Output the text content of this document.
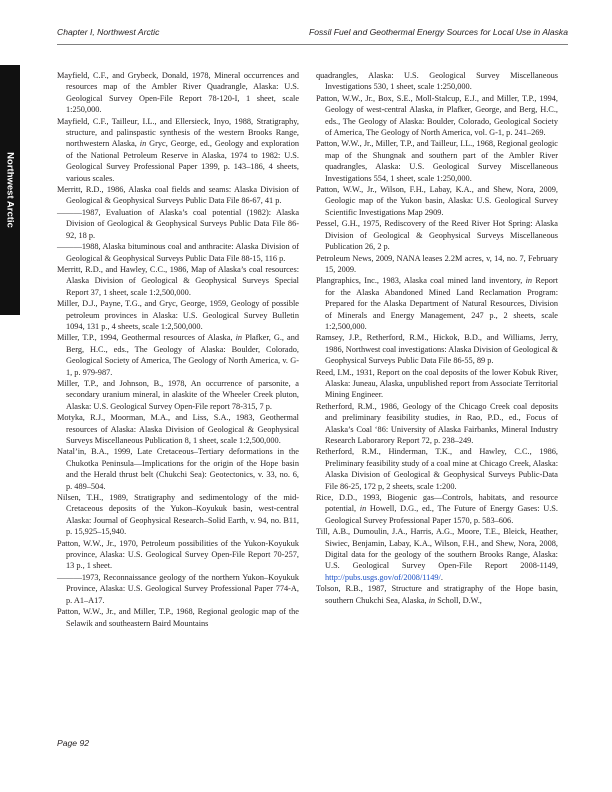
Chapter I, Northwest Arctic	Fossil Fuel and Geothermal Energy Sources for Local Use in Alaska
Northwest Arctic

Mayfield, C.F., and Grybeck, Donald, 1978, Mineral occurrences and resources map of the Ambler River Quadrangle, Alaska: U.S. Geological Survey Open-File Report 78-120-I, 1 sheet, scale 1:250,000.

Mayfield, C.F., Tailleur, I.L., and Ellersieck, Inyo, 1988, Stratigraphy, structure, and palinspastic synthesis of the western Brooks Range, northwestern Alaska, in Gryc, George, ed., Geology and exploration of the National Petroleum Reserve in Alaska, 1974 to 1982: U.S. Geological Survey Professional Paper 1399, p. 143–186, 4 sheets, various scales.

Merritt, R.D., 1986, Alaska coal fields and seams: Alaska Division of Geological & Geophysical Surveys Public Data File 86-67, 41 p.

———1987, Evaluation of Alaska’s coal potential (1982): Alaska Division of Geological & Geophysical Surveys Public Data File 86-92, 18 p.

———1988, Alaska bituminous coal and anthracite: Alaska Division of Geological & Geophysical Surveys Public Data File 88-15, 116 p.

Merritt, R.D., and Hawley, C.C., 1986, Map of Alaska’s coal resources: Alaska Division of Geological & Geophysical Surveys Special Report 37, 1 sheet, scale 1:2,500,000.

Miller, D.J., Payne, T.G., and Gryc, George, 1959, Geology of possible petroleum provinces in Alaska: U.S. Geological Survey Bulletin 1094, 131 p., 4 sheets, scale 1:2,500,000.

Miller, T.P., 1994, Geothermal resources of Alaska, in Plafker, G., and Berg, H.C., eds., The Geology of Alaska: Boulder, Colorado, Geological Society of America, The Geology of North America, v. G-1, p. 979-987.

Miller, T.P., and Johnson, B., 1978, An occurrence of parsonite, a secondary uranium mineral, in alaskite of the Wheeler Creek pluton, Alaska: U.S. Geological Survey Open-File report 78-315, 7 p.

Motyka, R.J., Moorman, M.A., and Liss, S.A., 1983, Geothermal resources of Alaska: Alaska Division of Geological & Geophysical Surveys Miscellaneous Publication 8, 1 sheet, scale 1:2,500,000.

Natal’in, B.A., 1999, Late Cretaceous–Tertiary deformations in the Chukotka Peninsula—Implications for the origin of the Hope basin and the Herald thrust belt (Chukchi Sea): Geotectonics, v. 33, no. 6, p. 489–504.

Nilsen, T.H., 1989, Stratigraphy and sedimentology of the mid-Cretaceous deposits of the Yukon–Koyukuk basin, west-central Alaska: Journal of Geophysical Research–Solid Earth, v. 94, no. B11, p. 15,925–15,940.

Patton, W.W., Jr., 1970, Petroleum possibilities of the Yukon-Koyukuk province, Alaska: U.S. Geological Survey Open-File Report 70-257, 13 p., 1 sheet.

———1973, Reconnaissance geology of the northern Yukon–Koyukuk Province, Alaska: U.S. Geological Survey Professional Paper 774-A, p. A1–A17.

Patton, W.W., Jr., and Miller, T.P., 1968, Regional geologic map of the Selawik and southeastern Baird Mountains

quadrangles, Alaska: U.S. Geological Survey Miscellaneous Investigations 530, 1 sheet, scale 1:250,000.

Patton, W.W., Jr., Box, S.E., Moll-Stalcup, E.J., and Miller, T.P., 1994, Geology of west-central Alaska, in Plafker, George, and Berg, H.C., eds., The Geology of Alaska: Boulder, Colorado, Geological Society of America, The Geology of North America, vol. G-1, p. 241–269.

Patton, W.W., Jr., Miller, T.P., and Tailleur, I.L., 1968, Regional geologic map of the Shungnak and southern part of the Ambler River quadrangles, Alaska: U.S. Geological Survey Miscellaneous Investigations 554, 1 sheet, scale 1:250,000.

Patton, W.W., Jr., Wilson, F.H., Labay, K.A., and Shew, Nora, 2009, Geologic map of the Yukon basin, Alaska: U.S. Geological Survey Scientific Investigations Map 2909.

Pessel, G.H., 1975, Rediscovery of the Reed River Hot Spring: Alaska Division of Geological & Geophysical Surveys Miscellaneous Publication 26, 2 p.

Petroleum News, 2009, NANA leases 2.2M acres, v, 14, no. 7, February 15, 2009.

Plangraphics, Inc., 1983, Alaska coal mined land inventory, in Report for the Alaska Abandoned Mined Land Reclamation Program: Prepared for the Alaska Department of Natural Resources, Division of Minerals and Energy Management, 247 p., 2 sheets, scale 1:2,500,000.

Ramsey, J.P., Retherford, R.M., Hickok, B.D., and Williams, Jerry, 1986, Northwest coal investigations: Alaska Division of Geological & Geophysical Surveys Public Data File 86-55, 89 p.

Reed, I.M., 1931, Report on the coal deposits of the lower Kobuk River, Alaska: Juneau, Alaska, unpublished report from Associate Territorial Mining Engineer.

Retherford, R.M., 1986, Geology of the Chicago Creek coal deposits and preliminary feasibility studies, in Rao, P.D., ed., Focus of Alaska’s Coal ‘86: University of Alaska Fairbanks, Mineral Industry Research Laborarory Report 72, p. 238–249.

Retherford, R.M., Hinderman, T.K., and Hawley, C.C., 1986, Preliminary feasibility study of a coal mine at Chicago Creek, Alaska: Alaska Division of Geological & Geophysical Surveys Public-Data File 86-25, 172 p, 2 sheets, scale 1:200.

Rice, D.D., 1993, Biogenic gas—Controls, habitats, and resource potential, in Howell, D.G., ed., The Future of Energy Gases: U.S. Geological Survey Professional Paper 1570, p. 583–606.

Till, A.B., Dumoulin, J.A., Harris, A.G., Moore, T.E., Bleick, Heather, Siwiec, Benjamin, Labay, K.A., Wilson, F.H., and Shew, Nora, 2008, Digital data for the geology of the southern Brooks Range, Alaska: U.S. Geological Survey Open-File Report 2008-1149, http://pubs.usgs.gov/of/2008/1149/.

Tolson, R.B., 1987, Structure and stratigraphy of the Hope basin, southern Chukchi Sea, Alaska, in Scholl, D.W.,

Page 92
